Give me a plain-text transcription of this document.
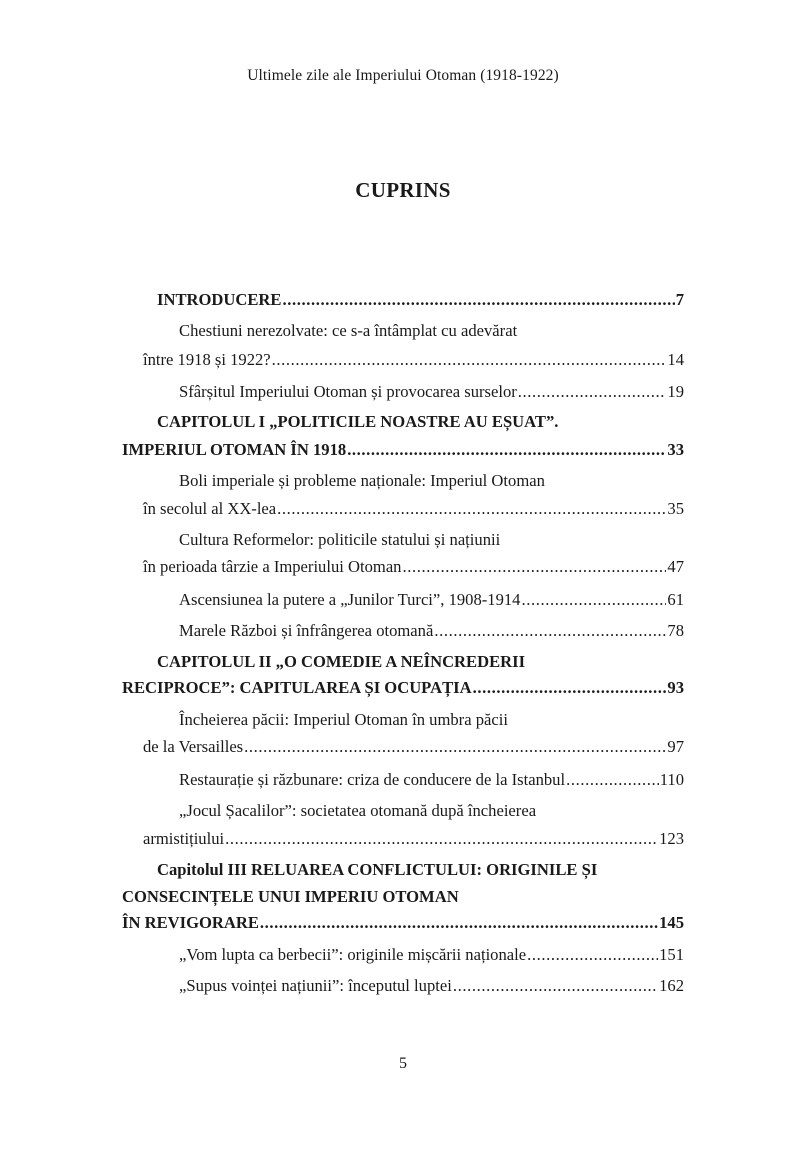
Ultimele zile ale Imperiului Otoman (1918-1922)
CUPRINS
INTRODUCERE .....	7
Chestiuni nerezolvate: ce s-a întâmplat cu adevărat
între 1918 și 1922? .....	14
Sfârșitul Imperiului Otoman și provocarea surselor .....	19
CAPITOLUL I „POLITICILE NOASTRE AU EȘUAT”.
IMPERIUL OTOMAN ÎN 1918 .....	33
Boli imperiale și probleme naționale: Imperiul Otoman
în secolul al XX-lea .....	35
Cultura Reformelor: politicile statului și națiunii
în perioada târzie a Imperiului Otoman .....	47
Ascensiunea la putere a „Junilor Turci”, 1908-1914 .....	61
Marele Război și înfrângerea otomană .....	78
CAPITOLUL II „O COMEDIE A NEÎNCREDERII
RECIPROCE”: CAPITULAREA ȘI OCUPAȚIA .....	93
Încheierea păcii: Imperiul Otoman în umbra păcii
de la Versailles .....	97
Restaurație și răzbunare: criza de conducere de la Istanbul .....	110
„Jocul Șacalilor”: societatea otomană după încheierea
armistițiului .....	123
Capitolul III RELUAREA CONFLICTULUI: ORIGINILE ȘI
CONSECINȚELE UNUI IMPERIU OTOMAN
ÎN REVIGORARE .....	145
„Vom lupta ca berbecii”: originile mișcării naționale .....	151
„Supus voinței națiunii”: începutul luptei .....	162
5
